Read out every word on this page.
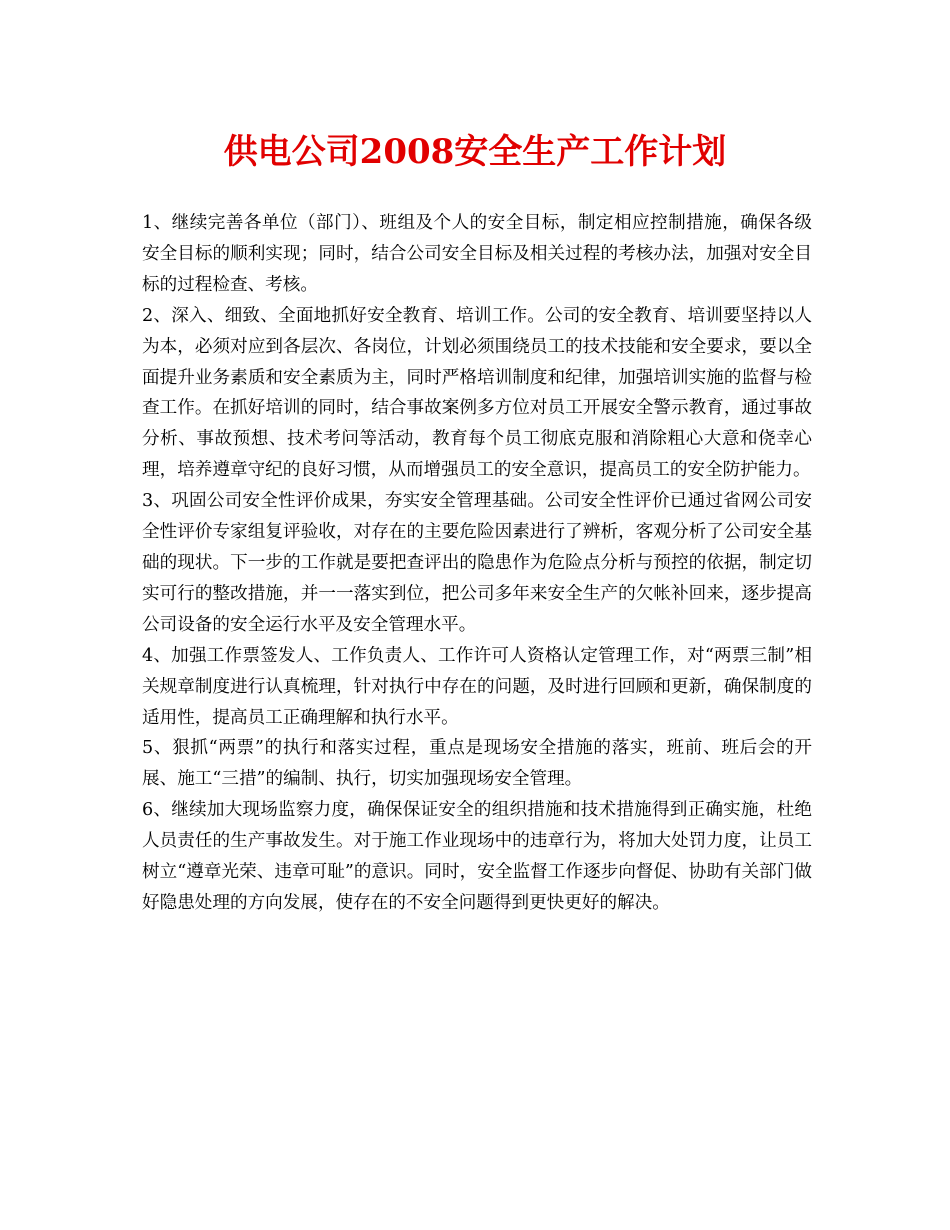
供电公司2008安全生产工作计划

1、继续完善各单位（部门）、班组及个人的安全目标，制定相应控制措施，确保各级安全目标的顺利实现；同时，结合公司安全目标及相关过程的考核办法，加强对安全目标的过程检查、考核。

2、深入、细致、全面地抓好安全教育、培训工作。公司的安全教育、培训要坚持以人为本，必须对应到各层次、各岗位，计划必须围绕员工的技术技能和安全要求，要以全面提升业务素质和安全素质为主，同时严格培训制度和纪律，加强培训实施的监督与检查工作。在抓好培训的同时，结合事故案例多方位对员工开展安全警示教育，通过事故分析、事故预想、技术考问等活动，教育每个员工彻底克服和消除粗心大意和侥幸心理，培养遵章守纪的良好习惯，从而增强员工的安全意识，提高员工的安全防护能力。

3、巩固公司安全性评价成果，夯实安全管理基础。公司安全性评价已通过省网公司安全性评价专家组复评验收，对存在的主要危险因素进行了辨析，客观分析了公司安全基础的现状。下一步的工作就是要把查评出的隐患作为危险点分析与预控的依据，制定切实可行的整改措施，并一一落实到位，把公司多年来安全生产的欠帐补回来，逐步提高公司设备的安全运行水平及安全管理水平。

4、加强工作票签发人、工作负责人、工作许可人资格认定管理工作，对“两票三制”相关规章制度进行认真梳理，针对执行中存在的问题，及时进行回顾和更新，确保制度的适用性，提高员工正确理解和执行水平。

5、狠抓“两票”的执行和落实过程，重点是现场安全措施的落实，班前、班后会的开展、施工“三措”的编制、执行，切实加强现场安全管理。

6、继续加大现场监察力度，确保保证安全的组织措施和技术措施得到正确实施，杜绝人员责任的生产事故发生。对于施工作业现场中的违章行为，将加大处罚力度，让员工树立“遵章光荣、违章可耻”的意识。同时，安全监督工作逐步向督促、协助有关部门做好隐患处理的方向发展，使存在的不安全问题得到更快更好的解决。
